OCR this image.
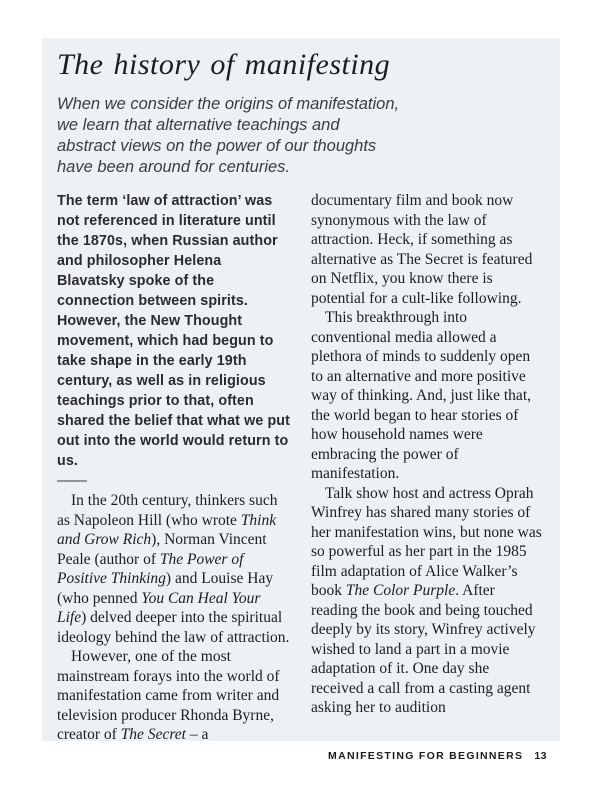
The history of manifesting

When we consider the origins of manifestation, we learn that alternative teachings and abstract views on the power of our thoughts have been around for centuries.

The term ‘law of attraction’ was not referenced in literature until the 1870s, when Russian author and philosopher Helena Blavatsky spoke of the connection between spirits. However, the New Thought movement, which had begun to take shape in the early 19th century, as well as in religious teachings prior to that, often shared the belief that what we put out into the world would return to us.

In the 20th century, thinkers such as Napoleon Hill (who wrote Think and Grow Rich), Norman Vincent Peale (author of The Power of Positive Thinking) and Louise Hay (who penned You Can Heal Your Life) delved deeper into the spiritual ideology behind the law of attraction.

However, one of the most mainstream forays into the world of manifestation came from writer and television producer Rhonda Byrne, creator of The Secret – a

documentary film and book now synonymous with the law of attraction. Heck, if something as alternative as The Secret is featured on Netflix, you know there is potential for a cult-like following.

This breakthrough into conventional media allowed a plethora of minds to suddenly open to an alternative and more positive way of thinking. And, just like that, the world began to hear stories of how household names were embracing the power of manifestation.

Talk show host and actress Oprah Winfrey has shared many stories of her manifestation wins, but none was so powerful as her part in the 1985 film adaptation of Alice Walker’s book The Color Purple. After reading the book and being touched deeply by its story, Winfrey actively wished to land a part in a movie adaptation of it. One day she received a call from a casting agent asking her to audition

MANIFESTING FOR BEGINNERS 13
